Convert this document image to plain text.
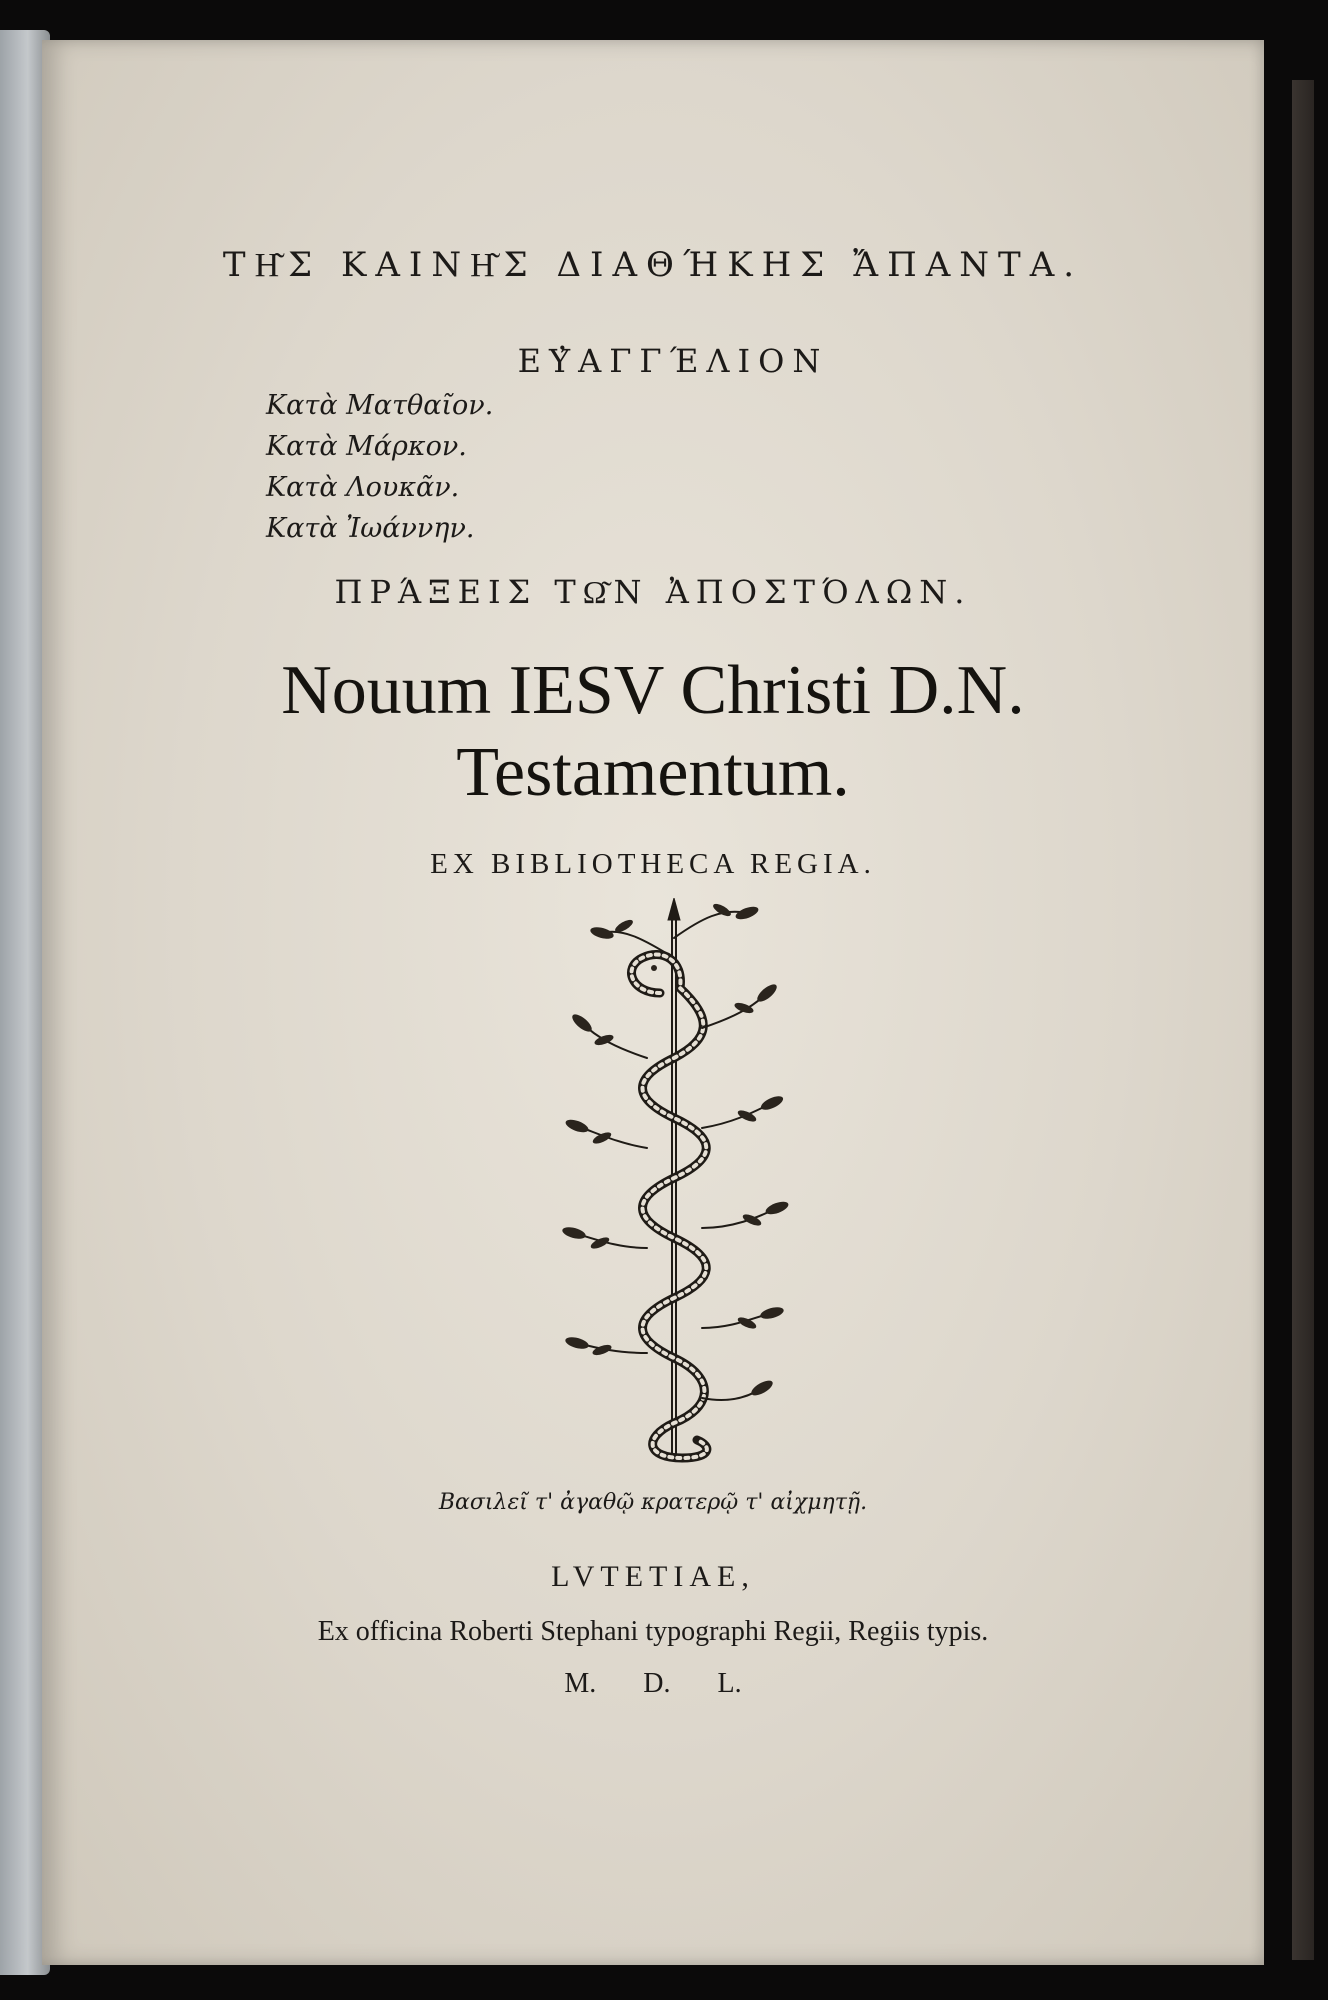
ΤΗ͂Σ ΚΑΙΝΗ͂Σ ΔΙΑΘΉΚΗΣ ἌΠΑΝΤΑ.
ΕΥ̓ΑΓΓΈΛΙΟΝ
Κατὰ Ματθαῖον.
Κατὰ Μάρκον.
Κατὰ Λουκᾶν.
Κατὰ Ἰωάννην.
ΠΡΆΞΕΙΣ ΤΩ͂Ν ἈΠΟΣΤΌΛΩΝ.
Nouum IESV Christi D.N.
Testamentum.
EX BIBLIOTHECA REGIA.
Βασιλεῖ τ' ἀγαθῷ κρατερῷ τ' αἰχμητῇ.
LVTETIAE,
Ex officina Roberti Stephani typographi Regii, Regiis typis.
M. D. L.
